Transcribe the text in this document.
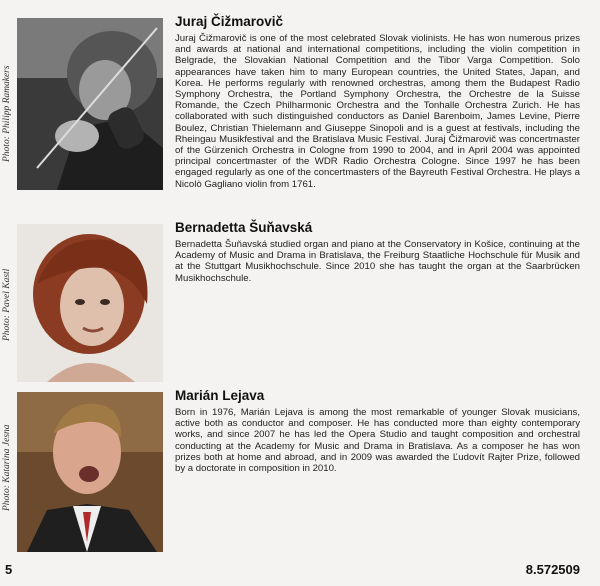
Photo: Philipp Ramakers
Juraj Čižmarovič

Juraj Čižmarovič is one of the most celebrated Slovak violinists. He has won numerous prizes and awards at national and international competitions, including the violin competition in Belgrade, the Slovakian National Competition and the Tibor Varga Competition. Solo appearances have taken him to many European countries, the United States, Japan, and Korea. He performs regularly with renowned orchestras, among them the Budapest Radio Symphony Orchestra, the Portland Symphony Orchestra, the Orchestre de la Suisse Romande, the Czech Philharmonic Orchestra and the Tonhalle Orchestra Zurich. He has collaborated with such distinguished conductors as Daniel Barenboim, James Levine, Pierre Boulez, Christian Thielemann and Giuseppe Sinopoli and is a guest at festivals, including the Rheingau Musikfestival and the Bratislava Music Festival. Juraj Čižmarovič was concertmaster of the Gürzenich Orchestra in Cologne from 1990 to 2004, and in April 2004 was appointed principal concertmaster of the WDR Radio Orchestra Cologne. Since 1997 he has been engaged regularly as one of the concertmasters of the Bayreuth Festival Orchestra. He plays a Nicolò Gagliano violin from 1761.

Photo: Pavel Kastl
Bernadetta Šuňavská

Bernadetta Šuňavská studied organ and piano at the Conservatory in Košice, continuing at the Academy of Music and Drama in Bratislava, the Freiburg Staatliche Hochschule für Musik and at the Stuttgart Musikhochschule. Since 2010 she has taught the organ at the Saarbrücken Musikhochschule.

Photo: Katarina Jesna
Marián Lejava

Born in 1976, Marián Lejava is among the most remarkable of younger Slovak musicians, active both as conductor and composer. He has conducted more than eighty contemporary works, and since 2007 he has led the Opera Studio and taught composition and orchestral conducting at the Academy for Music and Drama in Bratislava. As a composer he has won prizes both at home and abroad, and in 2009 was awarded the Ľudovít Rajter Prize, followed by a doctorate in composition in 2010.

5	8.572509
